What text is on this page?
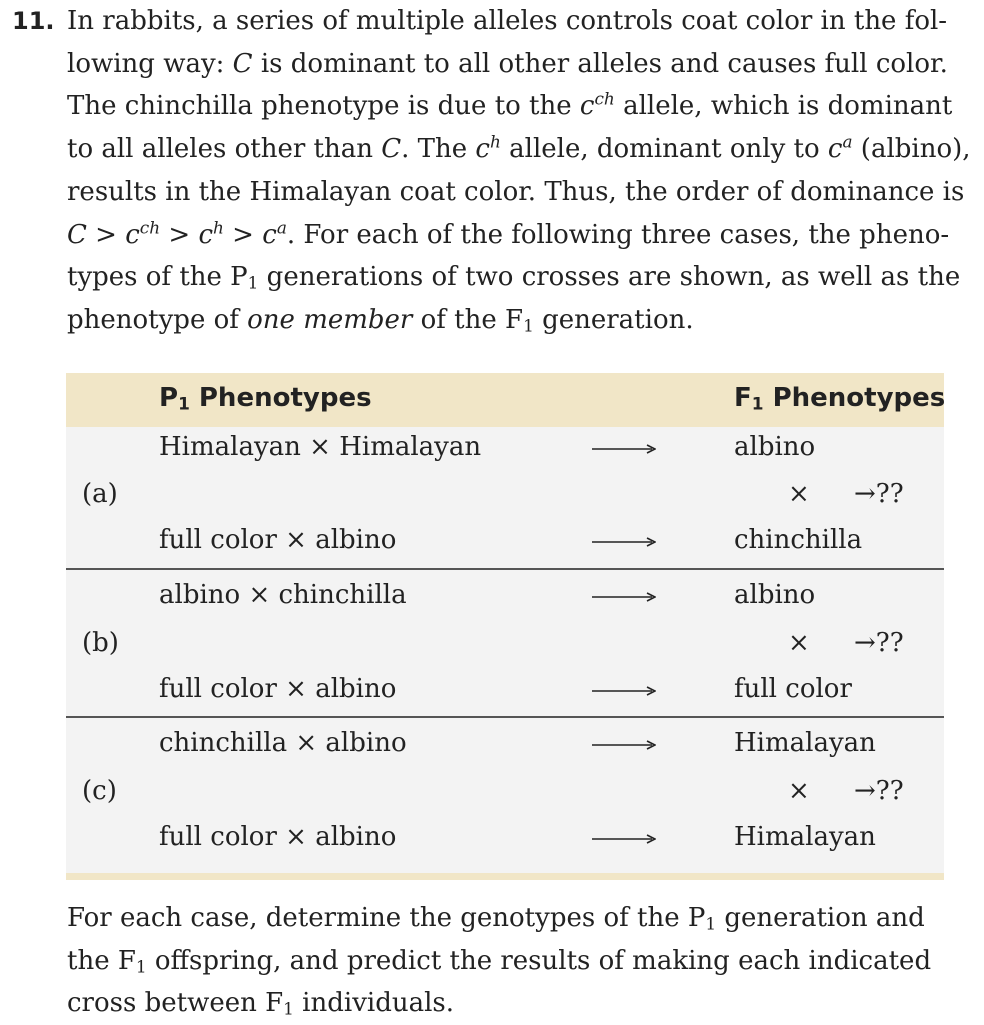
11. In rabbits, a series of multiple alleles controls coat color in the fol-
lowing way: C is dominant to all other alleles and causes full color.
The chinchilla phenotype is due to the $c^{ch}$ allele, which is dominant
to all alleles other than C. The $c^h$ allele, dominant only to $c^a$ (albino),
results in the Himalayan coat color. Thus, the order of dominance is
$C > c^{ch} > c^h > c^a$. For each of the following three cases, the pheno-
types of the $P_1$ generations of two crosses are shown, as well as the
phenotype of one member of the $F_1$ generation.
$P_1$ Phenotypes	$F_1$ Phenotypes
(a)
Himalayan × Himalayan	albino
× →??
full color × albino	chinchilla
(b)
albino × chinchilla	albino
× →??
full color × albino	full color
(c)
chinchilla × albino	Himalayan
× →??
full color × albino	Himalayan
For each case, determine the genotypes of the $P_1$ generation and
the $F_1$ offspring, and predict the results of making each indicated
cross between $F_1$ individuals.
